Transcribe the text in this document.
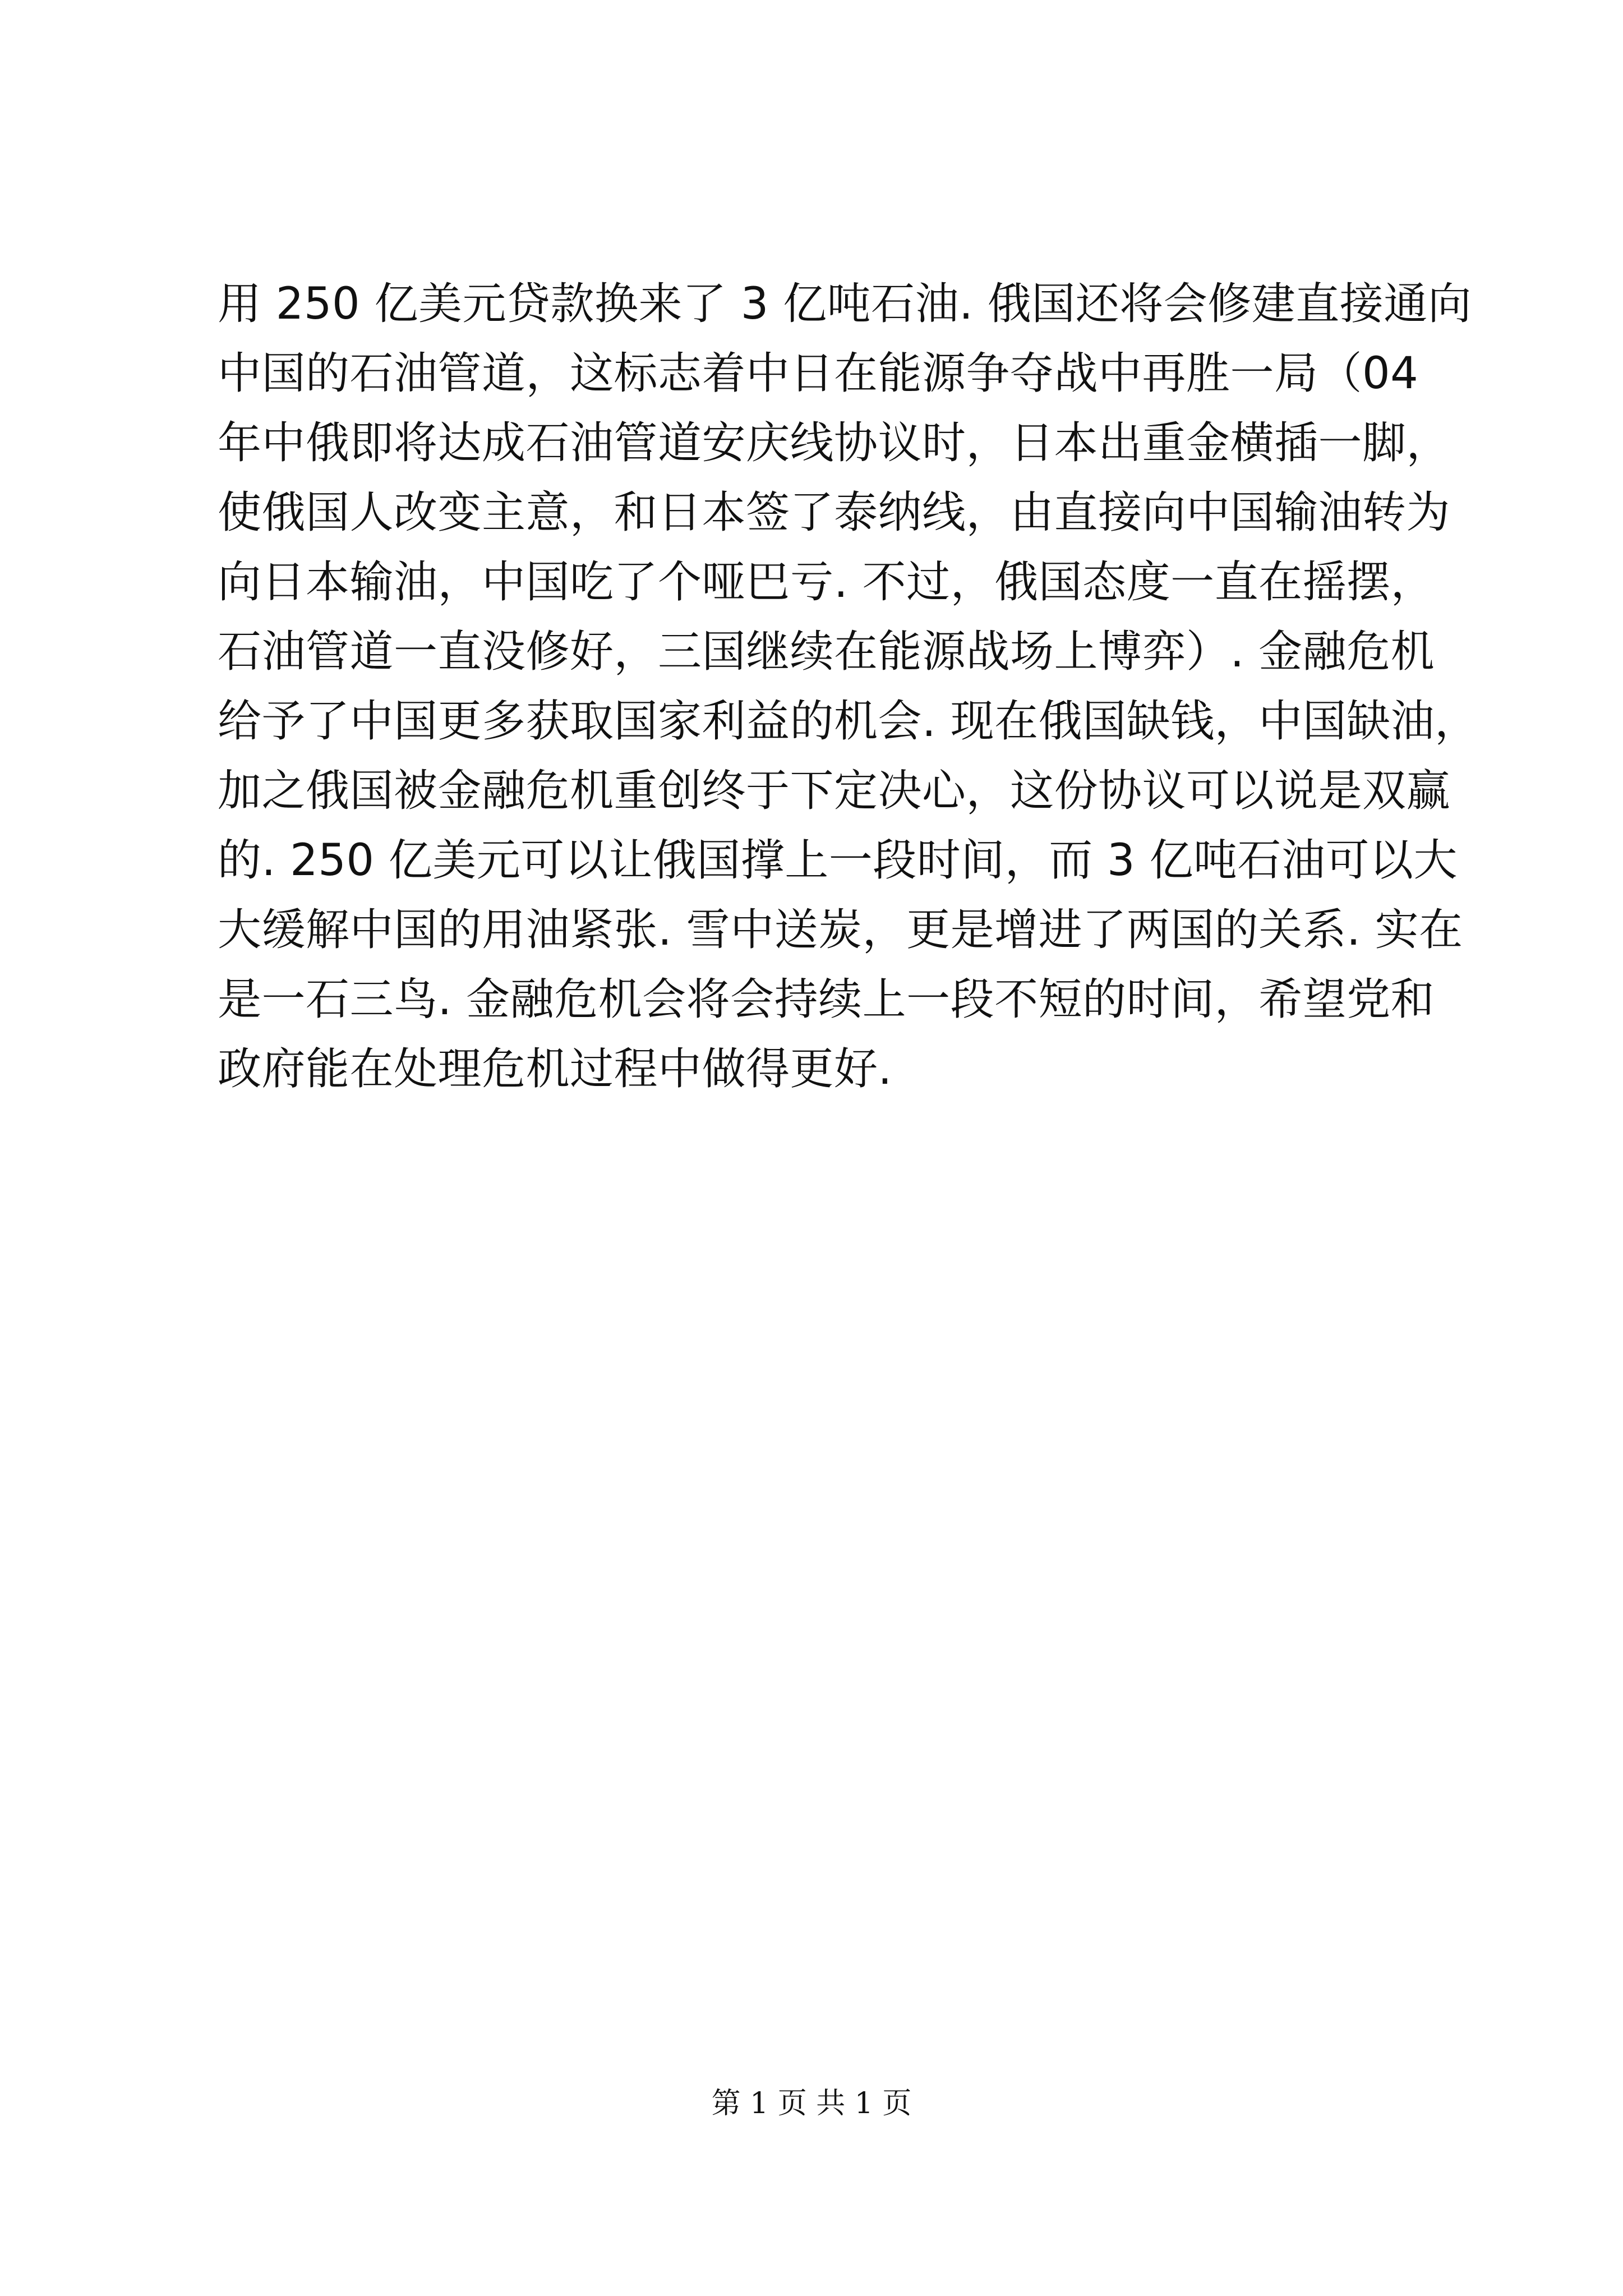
用 250 亿美元贷款换来了 3 亿吨石油. 俄国还将会修建直接通向
中国的石油管道，这标志着中日在能源争夺战中再胜一局（04
年中俄即将达成石油管道安庆线协议时，日本出重金横插一脚，
使俄国人改变主意，和日本签了泰纳线，由直接向中国输油转为
向日本输油，中国吃了个哑巴亏. 不过，俄国态度一直在摇摆，
石油管道一直没修好，三国继续在能源战场上博弈）. 金融危机
给予了中国更多获取国家利益的机会. 现在俄国缺钱，中国缺油，
加之俄国被金融危机重创终于下定决心，这份协议可以说是双赢
的. 250 亿美元可以让俄国撑上一段时间，而 3 亿吨石油可以大
大缓解中国的用油紧张. 雪中送炭，更是增进了两国的关系. 实在
是一石三鸟. 金融危机会将会持续上一段不短的时间，希望党和
政府能在处理危机过程中做得更好.
第 1 页 共 1 页
